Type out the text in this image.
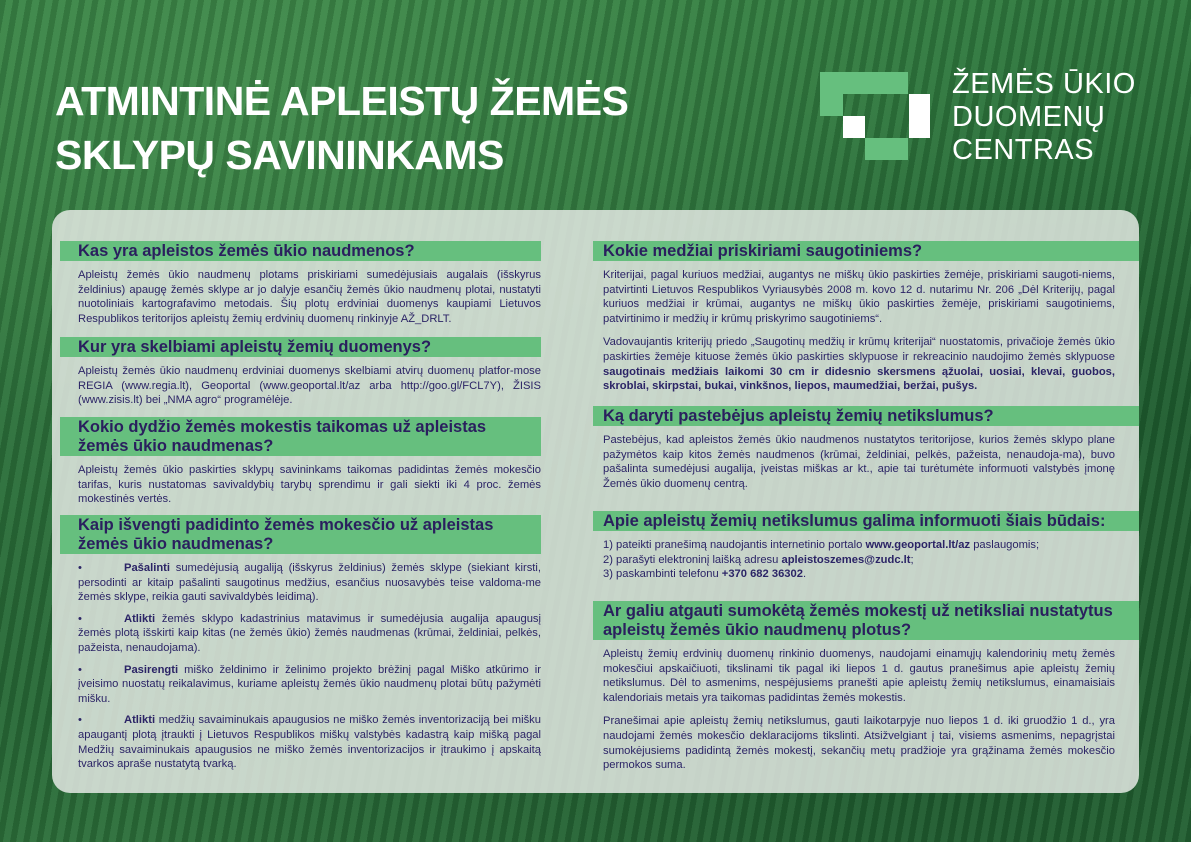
ATMINTINĖ APLEISTŲ ŽEMĖS
SKLYPŲ SAVININKAMS
ŽEMĖS ŪKIO
DUOMENŲ
CENTRAS
Kas yra apleistos žemės ūkio naudmenos?

Apleistų žemės ūkio naudmenų plotams priskiriami sumedėjusiais augalais (išskyrus želdinius) apaugę žemės sklype ar jo dalyje esančių žemės ūkio naudmenų plotai, nustatyti nuotoliniais kartografavimo metodais. Šių plotų erdviniai duomenys kaupiami Lietuvos Respublikos teritorijos apleistų žemių erdvinių duomenų rinkinyje AŽ_DRLT.

Kur yra skelbiami apleistų žemių duomenys?

Apleistų žemės ūkio naudmenų erdviniai duomenys skelbiami atvirų duomenų platfor-mose REGIA (www.regia.lt), Geoportal (www.geoportal.lt/az arba http://goo.gl/FCL7Y), ŽISIS (www.zisis.lt) bei „NMA agro“ programėlėje.

Kokio dydžio žemės mokestis taikomas už apleistas žemės ūkio naudmenas?

Apleistų žemės ūkio paskirties sklypų savininkams taikomas padidintas žemės mokesčio tarifas, kuris nustatomas savivaldybių tarybų sprendimu ir gali siekti iki 4 proc. žemės mokestinės vertės.

Kaip išvengti padidinto žemės mokesčio už apleistas žemės ūkio naudmenas?

•	Pašalinti sumedėjusią augaliją (išskyrus želdinius) žemės sklype (siekiant kirsti, persodinti ar kitaip pašalinti saugotinus medžius, esančius nuosavybės teise valdoma-me žemės sklype, reikia gauti savivaldybės leidimą).

•	Atlikti žemės sklypo kadastrinius matavimus ir sumedėjusia augalija apaugusį žemės plotą išskirti kaip kitas (ne žemės ūkio) žemės naudmenas (krūmai, želdiniai, pelkės, pažeista, nenaudojama).

•	Pasirengti miško želdinimo ir želinimo projekto brėžinį pagal Miško atkūrimo ir įveisimo nuostatų reikalavimus, kuriame apleistų žemės ūkio naudmenų plotai būtų pažymėti mišku.

•	Atlikti medžių savaiminukais apaugusios ne miško žemės inventorizaciją bei mišku apaugantį plotą įtraukti į Lietuvos Respublikos miškų valstybės kadastrą kaip mišką pagal Medžių savaiminukais apaugusios ne miško žemės inventorizacijos ir įtraukimo į apskaitą tvarkos apraše nustatytą tvarką.

Kokie medžiai priskiriami saugotiniems?

Kriterijai, pagal kuriuos medžiai, augantys ne miškų ūkio paskirties žemėje, priskiriami saugoti-niems, patvirtinti Lietuvos Respublikos Vyriausybės 2008 m. kovo 12 d. nutarimu Nr. 206 „Dėl Kriterijų, pagal kuriuos medžiai ir krūmai, augantys ne miškų ūkio paskirties žemėje, priskiriami saugotiniems, patvirtinimo ir medžių ir krūmų priskyrimo saugotiniems“.

Vadovaujantis kriterijų priedo „Saugotinų medžių ir krūmų kriterijai“ nuostatomis, privačioje žemės ūkio paskirties žemėje kituose žemės ūkio paskirties sklypuose ir rekreacinio naudojimo žemės sklypuose saugotinais medžiais laikomi 30 cm ir didesnio skersmens ąžuolai, uosiai, klevai, guobos, skroblai, skirpstai, bukai, vinkšnos, liepos, maumedžiai, beržai, pušys.

Ką daryti pastebėjus apleistų žemių netikslumus?

Pastebėjus, kad apleistos žemės ūkio naudmenos nustatytos teritorijose, kurios žemės sklypo plane pažymėtos kaip kitos žemės naudmenos (krūmai, želdiniai, pelkės, pažeista, nenaudoja-ma), buvo pašalinta sumedėjusi augalija, įveistas miškas ar kt., apie tai turėtumėte informuoti valstybės įmonę Žemės ūkio duomenų centrą.

Apie apleistų žemių netikslumus galima informuoti šiais būdais:

1) pateikti pranešimą naudojantis internetinio portalo www.geoportal.lt/az paslaugomis;
2) parašyti elektroninį laišką adresu apleistoszemes@zudc.lt;
3) paskambinti telefonu +370 682 36302.

Ar galiu atgauti sumokėtą žemės mokestį už netiksliai nustatytus apleistų žemės ūkio naudmenų plotus?

Apleistų žemių erdvinių duomenų rinkinio duomenys, naudojami einamųjų kalendorinių metų žemės mokesčiui apskaičiuoti, tikslinami tik pagal iki liepos 1 d. gautus pranešimus apie apleistų žemių netikslumus. Dėl to asmenims, nespėjusiems pranešti apie apleistų žemių netikslumus, einamaisiais kalendoriais metais yra taikomas padidintas žemės mokestis.

Pranešimai apie apleistų žemių netikslumus, gauti laikotarpyje nuo liepos 1 d. iki gruodžio 1 d., yra naudojami žemės mokesčio deklaracijoms tikslinti. Atsižvelgiant į tai, visiems asmenims, nepagrįstai sumokėjusiems padidintą žemės mokestį, sekančių metų pradžioje yra grąžinama žemės mokesčio permokos suma.
